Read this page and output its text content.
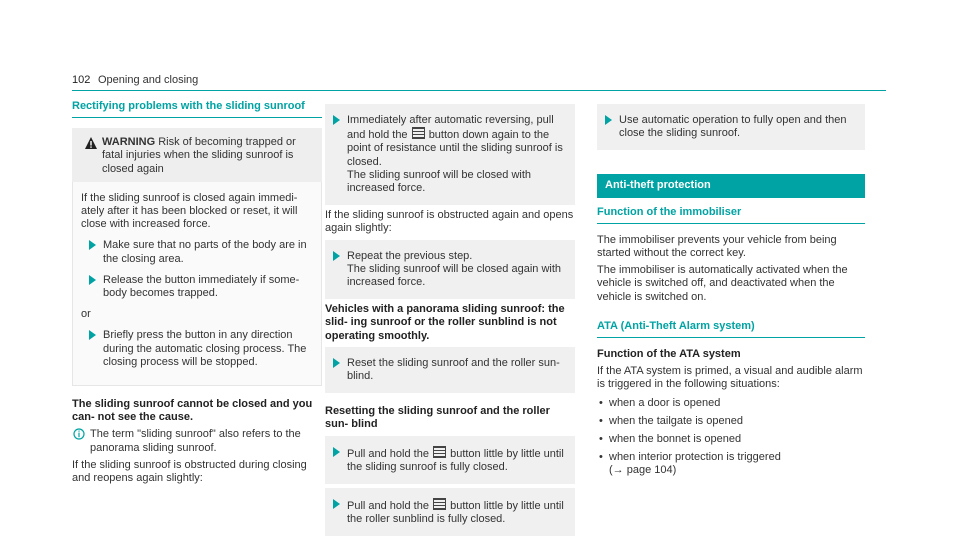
102 Opening and closing
Rectifying problems with the sliding sunroof
WARNING Risk of becoming trapped or fatal injuries when the sliding sunroof is closed again
If the sliding sunroof is closed again immedi- ately after it has been blocked or reset, it will close with increased force.
Make sure that no parts of the body are in the closing area.
Release the button immediately if some- body becomes trapped.
or
Briefly press the button in any direction during the automatic closing process. The closing process will be stopped.
The sliding sunroof cannot be closed and you can- not see the cause.
The term "sliding sunroof" also refers to the panorama sliding sunroof.
If the sliding sunroof is obstructed during closing and reopens again slightly:
Immediately after automatic reversing, pull and hold the button down again to the point of resistance until the sliding sunroof is closed.
The sliding sunroof will be closed with increased force.
If the sliding sunroof is obstructed again and opens again slightly:
Repeat the previous step.
The sliding sunroof will be closed again with increased force.
Vehicles with a panorama sliding sunroof: the slid- ing sunroof or the roller sunblind is not operating smoothly.
Reset the sliding sunroof and the roller sun- blind.
Resetting the sliding sunroof and the roller sun- blind
Pull and hold the button little by little until the sliding sunroof is fully closed.
Pull and hold the button little by little until the roller sunblind is fully closed.
Use automatic operation to fully open and then close the sliding sunroof.
Anti-theft protection
Function of the immobiliser
The immobiliser prevents your vehicle from being started without the correct key.
The immobiliser is automatically activated when the vehicle is switched off, and deactivated when the vehicle is switched on.
ATA (Anti-Theft Alarm system)
Function of the ATA system
If the ATA system is primed, a visual and audible alarm is triggered in the following situations:
• when a door is opened
• when the tailgate is opened
• when the bonnet is opened
• when interior protection is triggered
(→ page 104)
